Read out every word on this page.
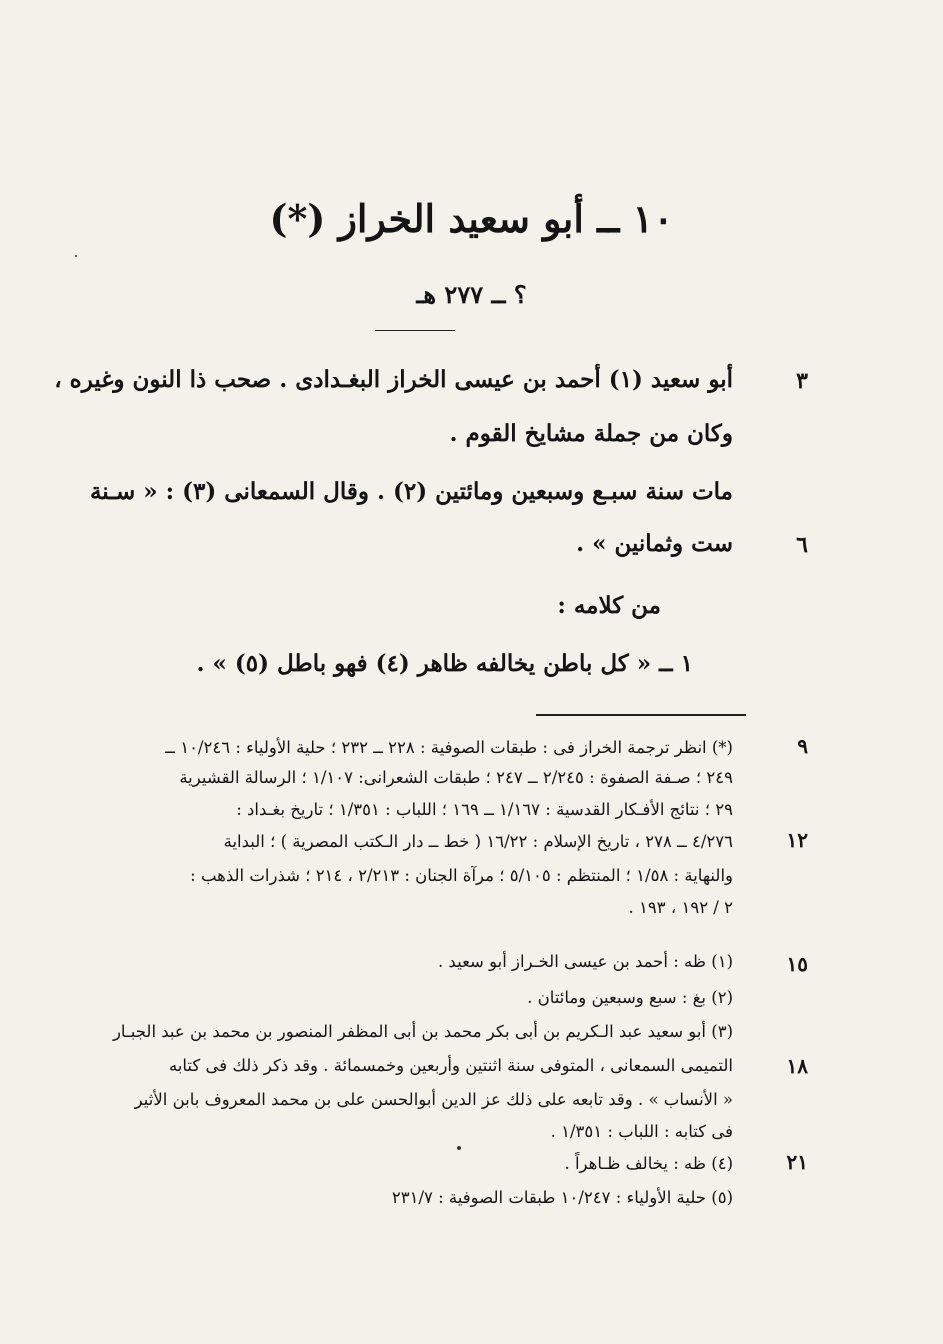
١٠ ــ أبو سعيد الخراز (*)
؟ ــ ٢٧٧ هـ
٣
أبو سعيد (١) أحمد بن عيسى الخراز البغـدادى . صحب ذا النون وغيره ،
وكان من جملة مشايخ القوم .
مات سنة سبـع وسبعين ومائتين (٢) . وقال السمعانى (٣) : « سـنة
٦
ست وثمانين » .
من كلامه :
١ ــ « كل باطن يخالفه ظاهر (٤) فهو باطل (٥) » .
٩
(*) انظر ترجمة الخراز فى : طبقات الصوفية : ٢٢٨ ــ ٢٣٢ ؛ حلية الأولياء : ١٠/٢٤٦ ــ
٢٤٩ ؛ صـفة الصفوة : ٢/٢٤٥ ــ ٢٤٧ ؛ طبقات الشعرانى: ١/١٠٧ ؛ الرسالة القشيرية
٢٩ ؛ نتائج الأفـكار القدسية : ١/١٦٧ ــ ١٦٩ ؛ اللباب : ١/٣٥١ ؛ تاريخ بغـداد :
١٢
٤/٢٧٦ ــ ٢٧٨ ، تاريخ الإسلام : ١٦/٢٢ ( خط ــ دار الـكتب المصرية ) ؛ البداية
والنهاية : ١/٥٨ ؛ المنتظم : ٥/١٠٥ ؛ مرآة الجنان : ٢/٢١٣ ، ٢١٤ ؛ شذرات الذهب :
٢ / ١٩٢ ، ١٩٣ .
١٥
(١) ظه : أحمد بن عيسى الخـراز أبو سعيد .
(٢) بغ : سبع وسبعين ومائتان .
(٣) أبو سعيد عبد الـكريم بن أبى بكر محمد بن أبى المظفر المنصور بن محمد بن عبد الجبـار
١٨
التميمى السمعانى ، المتوفى سنة اثنتين وأربعين وخمسمائة . وقد ذكر ذلك فى كتابه
« الأنساب » . وقد تابعه على ذلك عز الدين أبوالحسن على بن محمد المعروف بابن الأثير
فى كتابه : اللباب : ١/٣٥١ .
٢١
(٤) ظه : يخالف ظـاهراً .
(٥) حلية الأولياء : ١٠/٢٤٧ طبقات الصوفية : ٢٣١/٧
